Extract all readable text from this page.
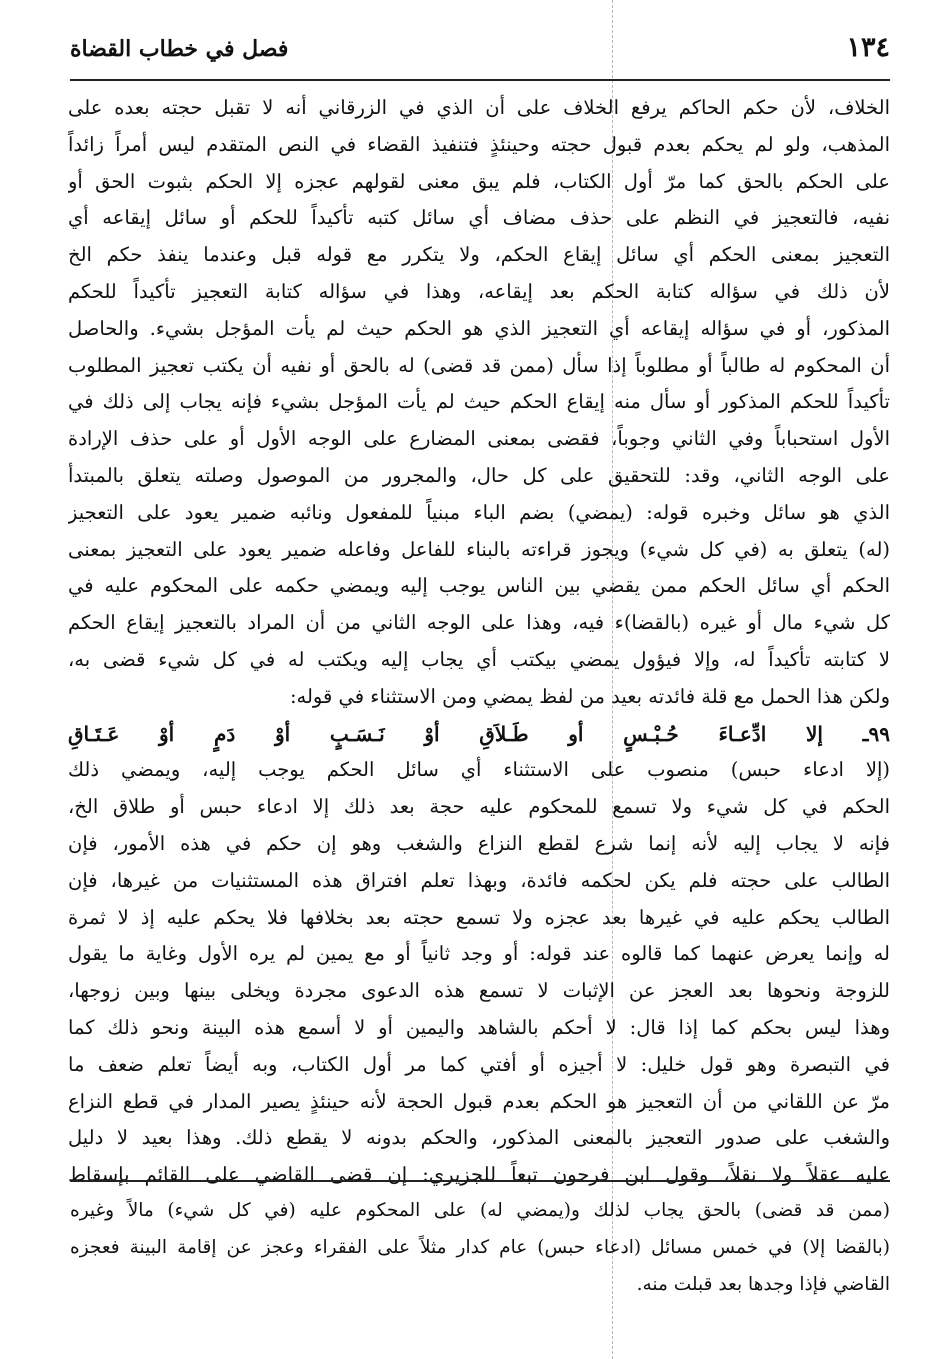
١٣٤
فصل في خطاب القضاة
الخلاف، لأن حكم الحاكم يرفع الخلاف على أن الذي في الزرقاني أنه لا تقبل حجته بعده على
المذهب، ولو لم يحكم بعدم قبول حجته وحينئذٍ فتنفيذ القضاء في النص المتقدم ليس أمراً زائداً
على الحكم بالحق كما مرّ أول الكتاب، فلم يبق معنى لقولهم عجزه إلا الحكم بثبوت الحق أو
نفيه، فالتعجيز في النظم على حذف مضاف أي سائل كتبه تأكيداً للحكم أو سائل إيقاعه أي
التعجيز بمعنى الحكم أي سائل إيقاع الحكم، ولا يتكرر مع قوله قبل وعندما ينفذ حكم الخ
لأن ذلك في سؤاله كتابة الحكم بعد إيقاعه، وهذا في سؤاله كتابة التعجيز تأكيداً للحكم
المذكور، أو في سؤاله إيقاعه أي التعجيز الذي هو الحكم حيث لم يأت المؤجل بشيء. والحاصل
أن المحكوم له طالباً أو مطلوباً إذا سأل (ممن قد قضى) له بالحق أو نفيه أن يكتب تعجيز المطلوب
تأكيداً للحكم المذكور أو سأل منه إيقاع الحكم حيث لم يأت المؤجل بشيء فإنه يجاب إلى ذلك في
الأول استحباباً وفي الثاني وجوباً، فقضى بمعنى المضارع على الوجه الأول أو على حذف الإرادة
على الوجه الثاني، وقد: للتحقيق على كل حال، والمجرور من الموصول وصلته يتعلق بالمبتدأ
الذي هو سائل وخبره قوله: (يمضي) بضم الباء مبنياً للمفعول ونائبه ضمير يعود على التعجيز
(له) يتعلق به (في كل شيء) ويجوز قراءته بالبناء للفاعل وفاعله ضمير يعود على التعجيز بمعنى
الحكم أي سائل الحكم ممن يقضي بين الناس يوجب إليه ويمضي حكمه على المحكوم عليه في
كل شيء مال أو غيره (بالقضا)ء فيه، وهذا على الوجه الثاني من أن المراد بالتعجيز إيقاع الحكم
لا كتابته تأكيداً له، وإلا فيؤول يمضي بيكتب أي يجاب إليه ويكتب له في كل شيء قضى به،
ولكن هذا الحمل مع قلة فائدته بعيد من لفظ يمضي ومن الاستثناء في قوله:
٩٩ـ إلا ادِّعـاءَ حُـبْـسٍ أو طَـلاَقِ أوْ نَـسَـبٍ أوْ دَمٍ أوْ عَـتَـاقِ
(إلا ادعاء حبس) منصوب على الاستثناء أي سائل الحكم يوجب إليه، ويمضي ذلك
الحكم في كل شيء ولا تسمع للمحكوم عليه حجة بعد ذلك إلا ادعاء حبس أو طلاق الخ،
فإنه لا يجاب إليه لأنه إنما شرع لقطع النزاع والشغب وهو إن حكم في هذه الأمور، فإن
الطالب على حجته فلم يكن لحكمه فائدة، وبهذا تعلم افتراق هذه المستثنيات من غيرها، فإن
الطالب يحكم عليه في غيرها بعد عجزه ولا تسمع حجته بعد بخلافها فلا يحكم عليه إذ لا ثمرة
له وإنما يعرض عنهما كما قالوه عند قوله: أو وجد ثانياً أو مع يمين لم يره الأول وغاية ما يقول
للزوجة ونحوها بعد العجز عن الإثبات لا تسمع هذه الدعوى مجردة ويخلى بينها وبين زوجها،
وهذا ليس بحكم كما إذا قال: لا أحكم بالشاهد واليمين أو لا أسمع هذه البينة ونحو ذلك كما
في التبصرة وهو قول خليل: لا أجيزه أو أفتي كما مر أول الكتاب، وبه أيضاً تعلم ضعف ما
مرّ عن اللقاني من أن التعجيز هو الحكم بعدم قبول الحجة لأنه حينئذٍ يصير المدار في قطع النزاع
والشغب على صدور التعجيز بالمعنى المذكور، والحكم بدونه لا يقطع ذلك. وهذا بعيد لا دليل
عليه عقلاً ولا نقلاً، وقول ابن فرحون تبعاً للجزيري: إن قضى القاضي على القائم بإسقاط
(ممن قد قضى) بالحق يجاب لذلك و(يمضي له) على المحكوم عليه (في كل شيء) مالاً وغيره
(بالقضا إلا) في خمس مسائل (ادعاء حبس) عام كدار مثلاً على الفقراء وعجز عن إقامة البينة فعجزه
القاضي فإذا وجدها بعد قبلت منه.
